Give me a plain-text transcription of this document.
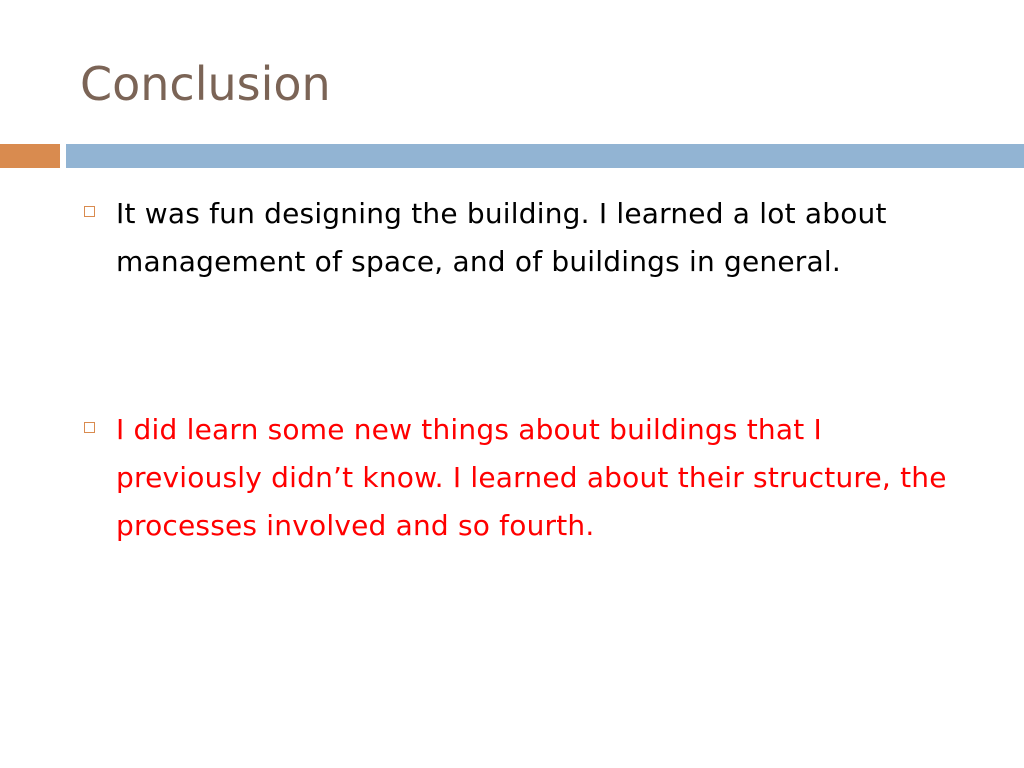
Conclusion

It was fun designing the building. I learned a lot about management of space, and of buildings in general.

I did learn some new things about buildings that I previously didn’t know. I learned about their structure, the processes involved and so fourth.
